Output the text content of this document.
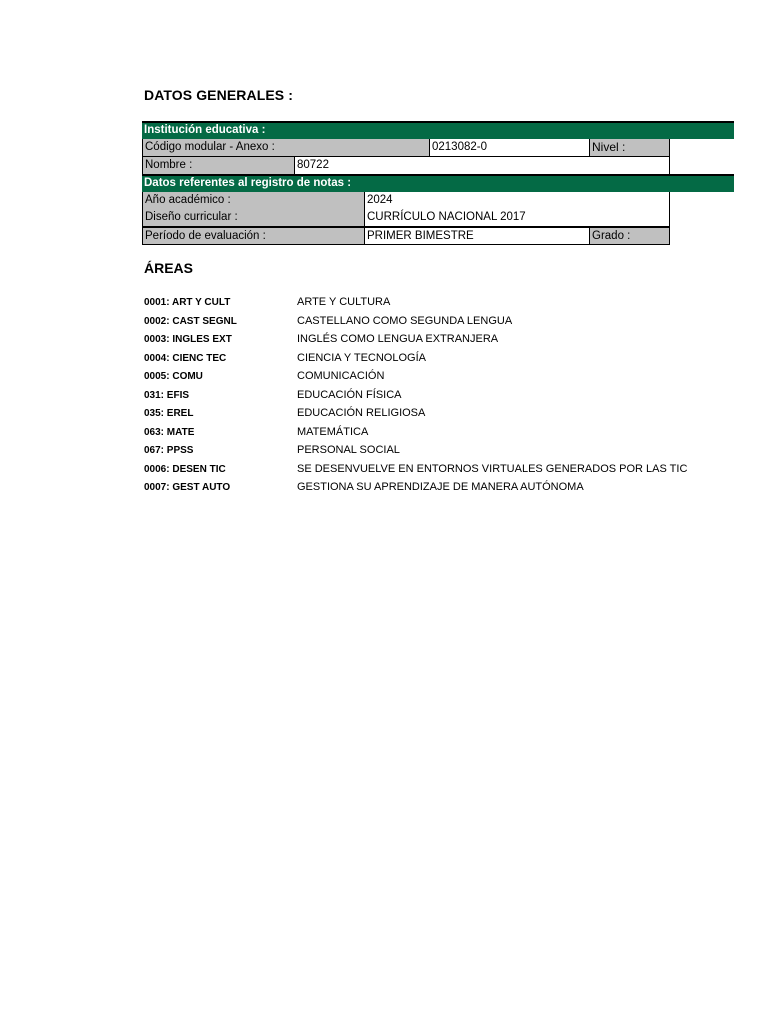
DATOS GENERALES :
Institución educativa :
Código modular - Anexo :	0213082-0	Nivel :
Nombre :	80722
Datos referentes al registro de notas :
Año académico :	2024
Diseño curricular :	CURRÍCULO NACIONAL 2017
Período de evaluación :	PRIMER BIMESTRE	Grado :
ÁREAS
0001: ART Y CULT	ARTE Y CULTURA
0002: CAST SEGNL	CASTELLANO COMO SEGUNDA LENGUA
0003: INGLES EXT	INGLÉS COMO LENGUA EXTRANJERA
0004: CIENC TEC	CIENCIA Y TECNOLOGÍA
0005: COMU	COMUNICACIÓN
031: EFIS	EDUCACIÓN FÍSICA
035: EREL	EDUCACIÓN RELIGIOSA
063: MATE	MATEMÁTICA
067: PPSS	PERSONAL SOCIAL
0006: DESEN TIC	SE DESENVUELVE EN ENTORNOS VIRTUALES GENERADOS POR LAS TIC
0007: GEST AUTO	GESTIONA SU APRENDIZAJE DE MANERA AUTÓNOMA
